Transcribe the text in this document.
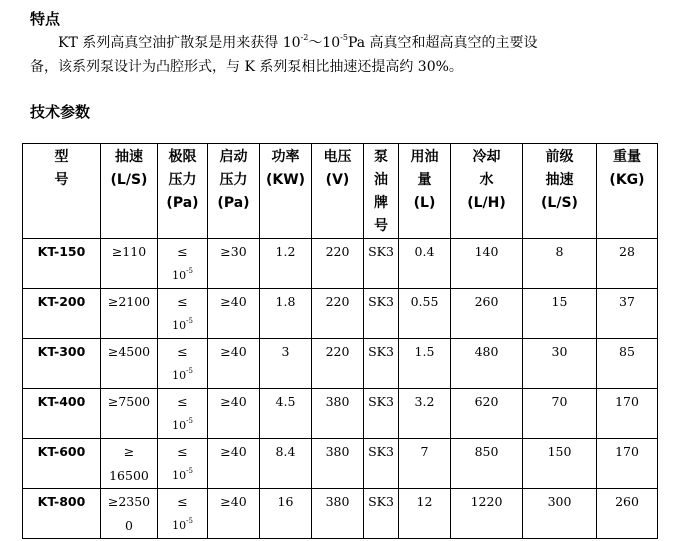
特点

KT 系列高真空油扩散泵是用来获得 $10^{-2}\sim 10^{-5}Pa$ 高真空和超高真空的主要设
备，该系列泵设计为凸腔形式，与 K 系列泵相比抽速还提高约 30%。

技术参数
型
号	抽速
(L/S)	极限
压力
(Pa)	启动
压力
(Pa)	功率
(KW)	电压
(V)	泵
油
牌
号	用油
量
(L)	冷却
水
(L/H)	前级
抽速
(L/S)	重量
(KG)

KT-150	≥110	≤
$10^{-5}$	≥30	1.2	220	SK3	0.4	140	8	28
KT-200	≥2100	≤
$10^{-5}$	≥40	1.8	220	SK3	0.55	260	15	37
KT-300	≥4500	≤
$10^{-5}$	≥40	3	220	SK3	1.5	480	30	85
KT-400	≥7500	≤
$10^{-5}$	≥40	4.5	380	SK3	3.2	620	70	170
KT-600	≥
16500	≤
$10^{-5}$	≥40	8.4	380	SK3	7	850	150	170
KT-800	≥2350
0	≤
$10^{-5}$	≥40	16	380	SK3	12	1220	300	260
